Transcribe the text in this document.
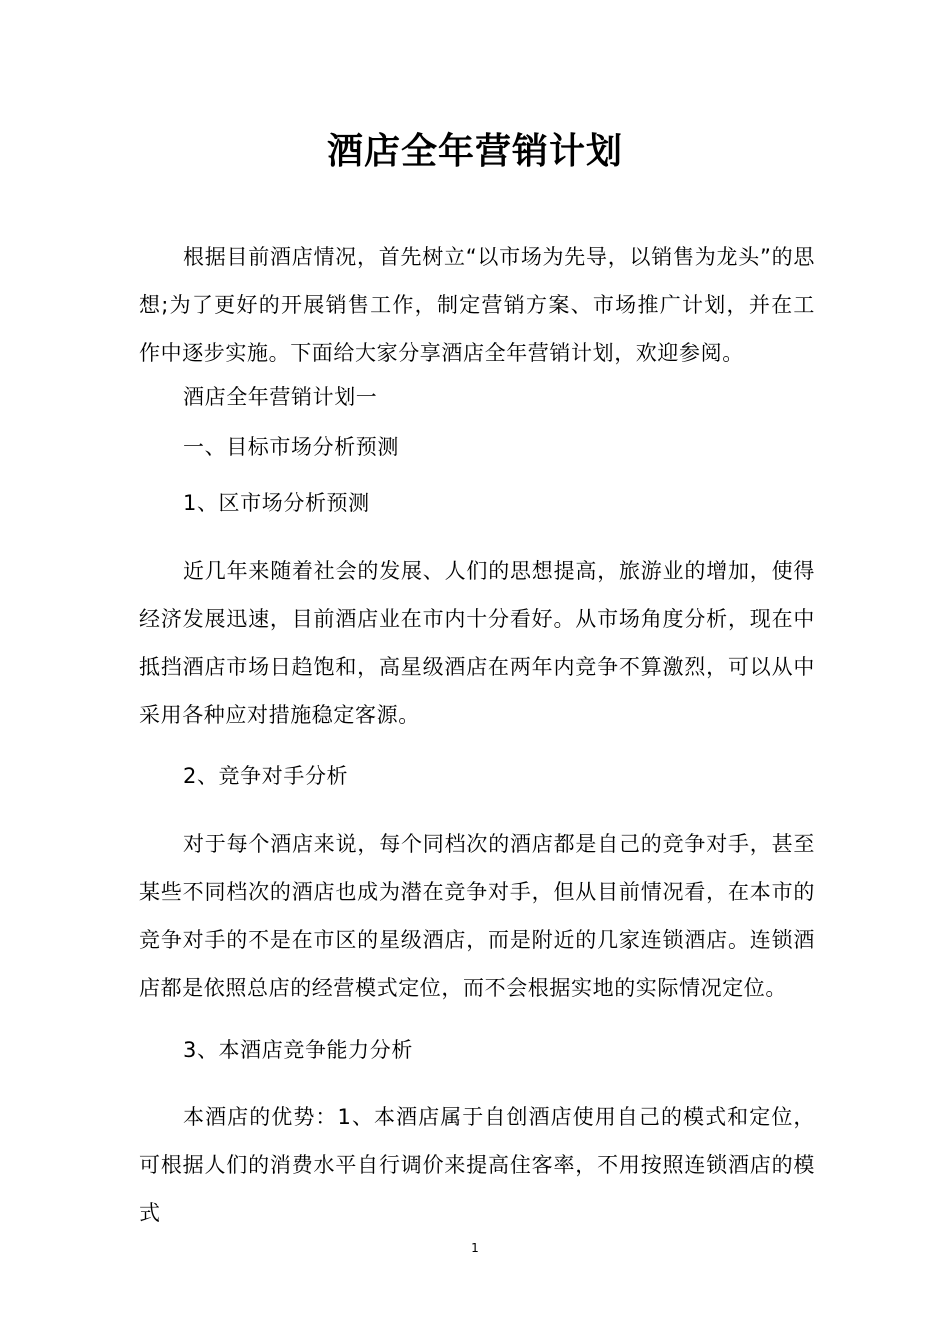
酒店全年营销计划

根据目前酒店情况，首先树立“以市场为先导，以销售为龙头”的思想;为了更好的开展销售工作，制定营销方案、市场推广计划，并在工作中逐步实施。下面给大家分享酒店全年营销计划，欢迎参阅。

酒店全年营销计划一

一、目标市场分析预测

1、区市场分析预测

近几年来随着社会的发展、人们的思想提高，旅游业的增加，使得经济发展迅速，目前酒店业在市内十分看好。从市场角度分析，现在中抵挡酒店市场日趋饱和，高星级酒店在两年内竞争不算激烈，可以从中采用各种应对措施稳定客源。

2、竞争对手分析

对于每个酒店来说，每个同档次的酒店都是自己的竞争对手，甚至某些不同档次的酒店也成为潜在竞争对手，但从目前情况看，在本市的竞争对手的不是在市区的星级酒店，而是附近的几家连锁酒店。连锁酒店都是依照总店的经营模式定位，而不会根据实地的实际情况定位。

3、本酒店竞争能力分析

本酒店的优势：1、本酒店属于自创酒店使用自己的模式和定位，可根据人们的消费水平自行调价来提高住客率，不用按照连锁酒店的模式

1
